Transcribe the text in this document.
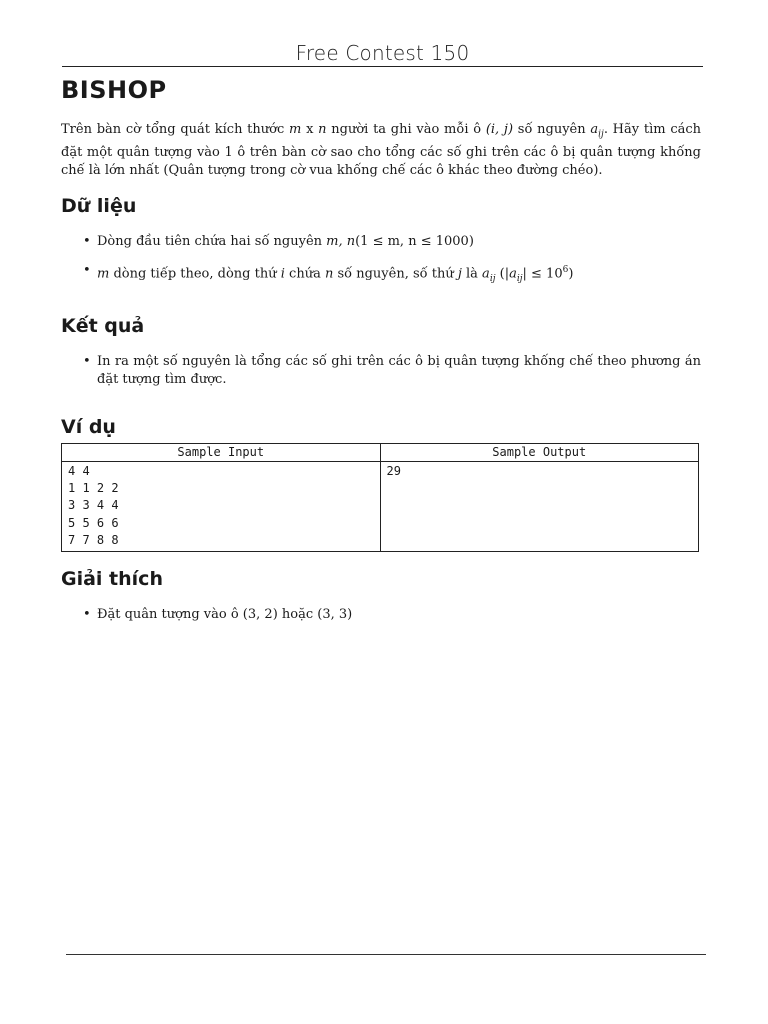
Free Contest 150
BISHOP

Trên bàn cờ tổng quát kích thước m x n người ta ghi vào mỗi ô (i, j) số nguyên $a_{ij}$. Hãy tìm cách đặt một quân tượng vào 1 ô trên bàn cờ sao cho tổng các số ghi trên các ô bị quân tượng khống chế là lớn nhất (Quân tượng trong cờ vua khống chế các ô khác theo đường chéo).

Dữ liệu
• Dòng đầu tiên chứa hai số nguyên m, n(1 ≤ m, n ≤ 1000)
• m dòng tiếp theo, dòng thứ i chứa n số nguyên, số thứ j là $a_{ij}$ $(|a_{ij}| \le 10^6)$
Kết quả
• In ra một số nguyên là tổng các số ghi trên các ô bị quân tượng khống chế theo phương án đặt tượng tìm được.
Ví dụ
Sample Input	Sample Output

4 4
1 1 2 2
3 3 4 4
5 5 6 6
7 7 8 8	29
Giải thích
• Đặt quân tượng vào ô (3, 2) hoặc (3, 3)
